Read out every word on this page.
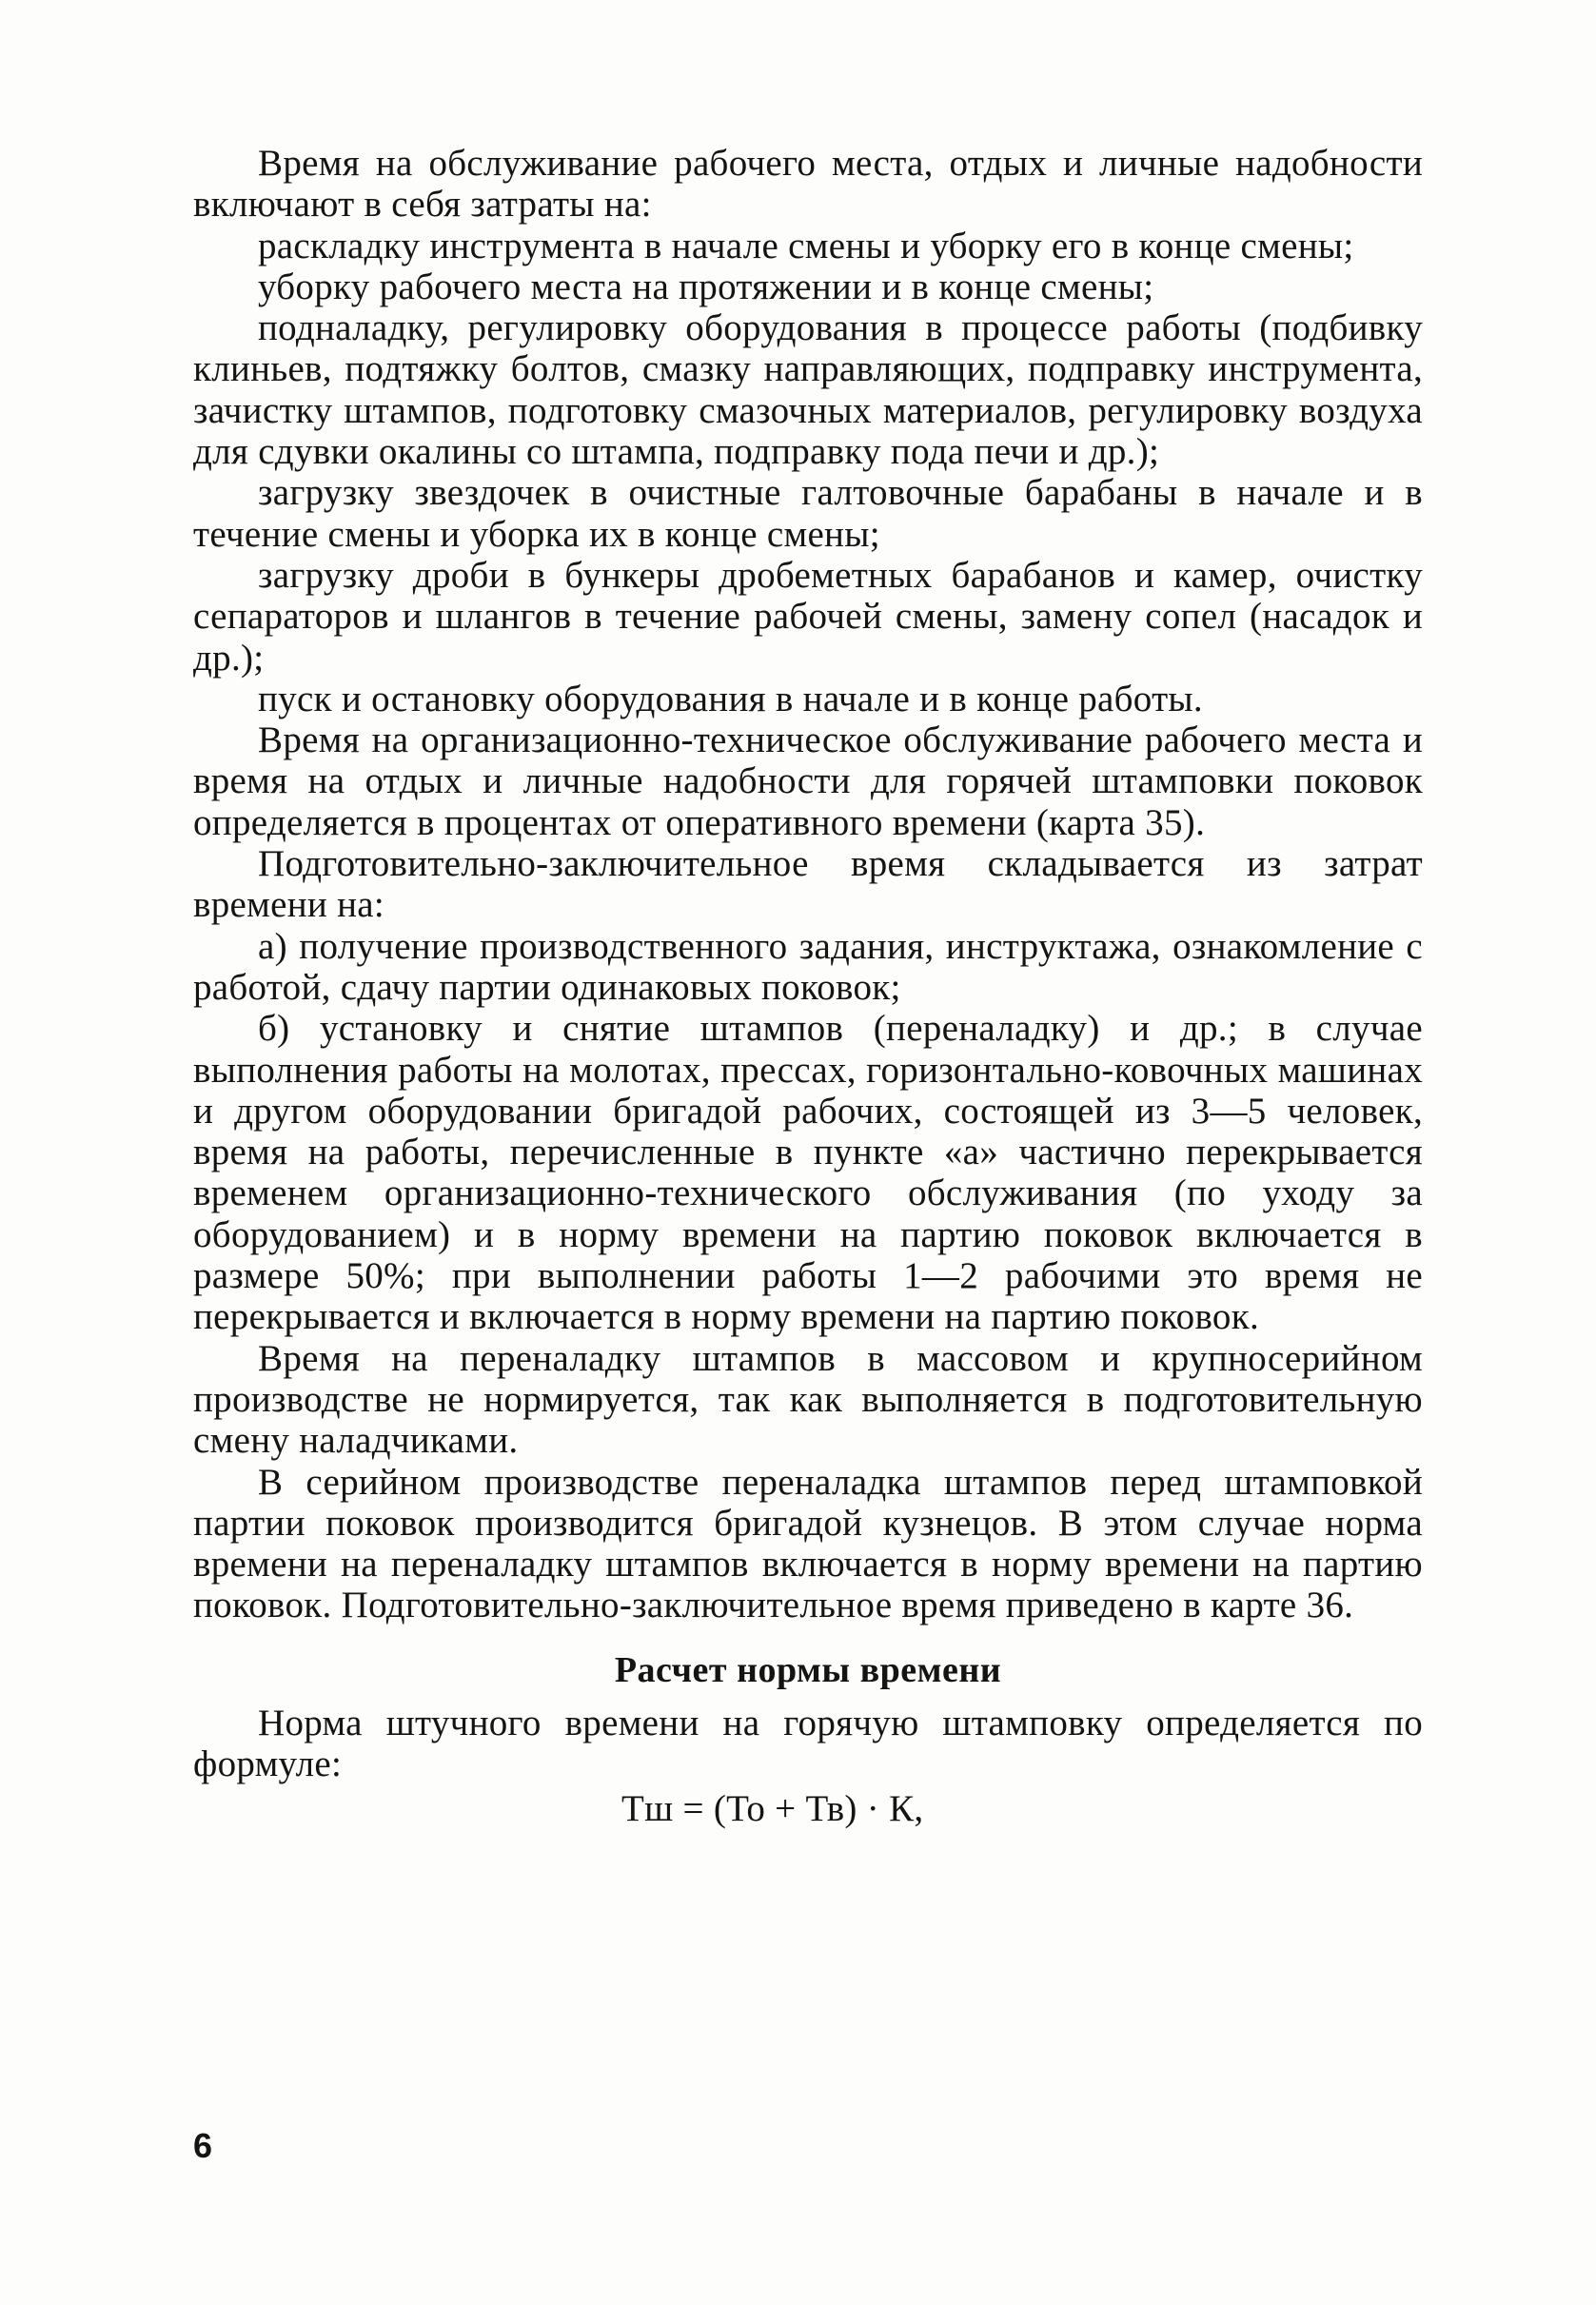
Время на обслуживание рабочего места, отдых и личные надобности включают в себя затраты на:

раскладку инструмента в начале смены и уборку его в конце смены;

уборку рабочего места на протяжении и в конце смены;

подналадку, регулировку оборудования в процессе работы (подбивку клиньев, подтяжку болтов, смазку направляющих, подправку инструмента, зачистку штампов, подготовку смазочных материалов, регулировку воздуха для сдувки окалины со штампа, подправку пода печи и др.);

загрузку звездочек в очистные галтовочные барабаны в начале и в течение смены и уборка их в конце смены;

загрузку дроби в бункеры дробеметных барабанов и камер, очистку сепараторов и шлангов в течение рабочей смены, замену сопел (насадок и др.);

пуск и остановку оборудования в начале и в конце работы.

Время на организационно-техническое обслуживание рабочего места и время на отдых и личные надобности для горячей штамповки поковок определяется в процентах от оперативного времени (карта 35).

Подготовительно-заключительное время складывается из затрат времени на:

а) получение производственного задания, инструктажа, ознакомление с работой, сдачу партии одинаковых поковок;

б) установку и снятие штампов (переналадку) и др.; в случае выполнения работы на молотах, прессах, горизонтально-ковочных машинах и другом оборудовании бригадой рабочих, состоящей из 3—5 человек, время на работы, перечисленные в пункте «а» частично перекрывается временем организационно-технического обслуживания (по уходу за оборудованием) и в норму времени на партию поковок включается в размере 50%; при выполнении работы 1—2 рабочими это время не перекрывается и включается в норму времени на партию поковок.

Время на переналадку штампов в массовом и крупносерийном производстве не нормируется, так как выполняется в подготовительную смену наладчиками.

В серийном производстве переналадка штампов перед штамповкой партии поковок производится бригадой кузнецов. В этом случае норма времени на переналадку штампов включается в норму времени на партию поковок. Подготовительно-заключительное время приведено в карте 36.

Расчет нормы времени

Норма штучного времени на горячую штамповку определяется по формуле:

Тш = (То + Тв) · К,

6
